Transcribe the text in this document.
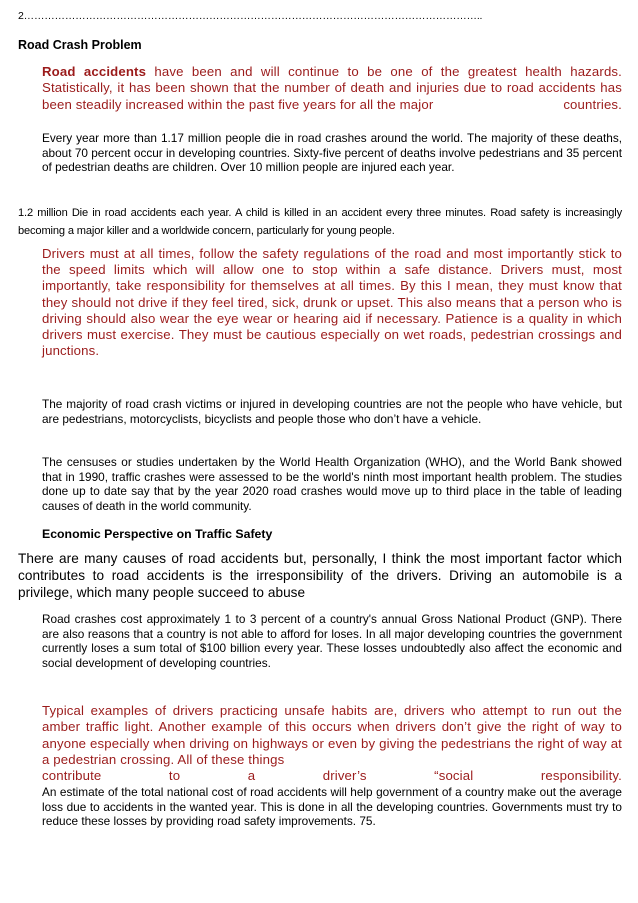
2……………………………………………………………………………………………………………………..
Road Crash Problem
Road accidents have been and will continue to be one of the greatest health hazards. Statistically, it has been shown that the number of death and injuries due to road accidents has been steadily increased within the past five years for all the major	countries.
Every year more than 1.17 million people die in road crashes around the world. The majority of these deaths, about 70 percent occur in developing countries. Sixty-five percent of deaths involve pedestrians and 35 percent of pedestrian deaths are children. Over 10 million people are injured each year.
1.2 million Die in road accidents each year. A child is killed in an accident every three minutes. Road safety is increasingly becoming a major killer and a worldwide concern, particularly for young people.
Drivers must at all times, follow the safety regulations of the road and most importantly stick to the speed limits which will allow one to stop within a safe distance. Drivers must, most importantly, take responsibility for themselves at all times. By this I mean, they must know that they should not drive if they feel tired, sick, drunk or upset. This also means that a person who is driving should also wear the eye wear or hearing aid if necessary. Patience is a quality in which drivers must exercise. They must be cautious especially on wet roads, pedestrian crossings and junctions.
The majority of road crash victims or injured in developing countries are not the people who have vehicle, but are pedestrians, motorcyclists, bicyclists and people those who don’t have a vehicle.
The censuses or studies undertaken by the World Health Organization (WHO), and the World Bank showed that in 1990, traffic crashes were assessed to be the world's ninth most important health problem. The studies done up to date say that by the year 2020 road crashes would move up to third place in the table of leading causes of death in the world community.
Economic Perspective on Traffic Safety
There are many causes of road accidents but, personally, I think the most important factor which contributes to road accidents is the irresponsibility of the drivers. Driving an automobile is a privilege, which many people succeed to abuse
Road crashes cost approximately 1 to 3 percent of a country's annual Gross National Product (GNP). There are also reasons that a country is not able to afford for loses. In all major developing countries the government currently loses a sum total of $100 billion every year. These losses undoubtedly also affect the economic and social development of developing countries.
Typical examples of drivers practicing unsafe habits are, drivers who attempt to run out the amber traffic light. Another example of this occurs when drivers don’t give the right of way to anyone especially when driving on highways or even by giving the pedestrians the right of way at a pedestrian crossing. All of these things
contribute to a driver’s “social responsibility.
An estimate of the total national cost of road accidents will help government of a country make out the average loss due to accidents in the wanted year. This is done in all the developing countries. Governments must try to reduce these losses by providing road safety improvements. 75.
